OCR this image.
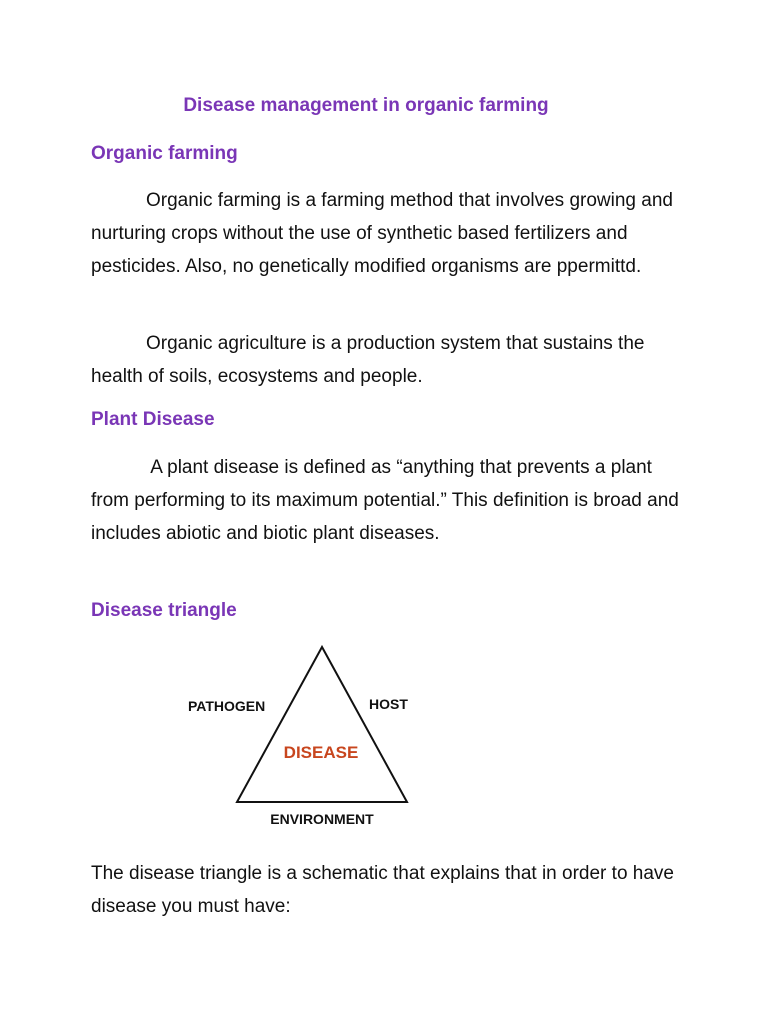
Disease management in organic farming
Organic farming

Organic farming is a farming method that involves growing and nurturing crops without the use of synthetic based fertilizers and pesticides. Also, no genetically modified organisms are ppermittd.

Organic agriculture is a production system that sustains the health of soils, ecosystems and people.

Plant Disease

A plant disease is defined as “anything that prevents a plant from performing to its maximum potential.” This definition is broad and includes abiotic and biotic plant diseases.

Disease triangle
PATHOGEN	HOST
DISEASE
ENVIRONMENT

The disease triangle is a schematic that explains that in order to have disease you must have:
